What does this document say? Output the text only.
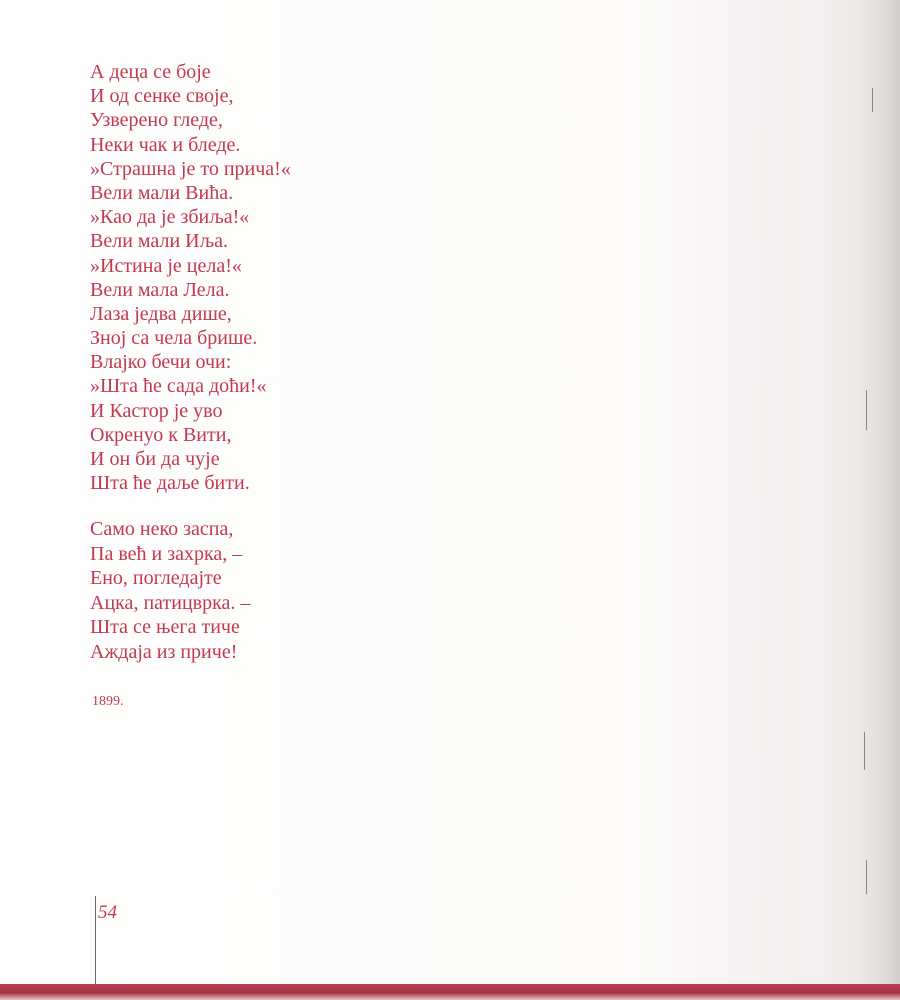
А деца се боје
И од сенке своје,
Узверено гледе,
Неки чак и бледе.
»Страшна је то прича!«
Вели мали Виħа.
»Као да је збиља!«
Вели мали Иља.
»Истина је цела!«
Вели мала Лела.
Лаза једва дише,
Зној са чела брише.
Влајко бечи очи:
»Шта ħе сада доħи!«
И Кастор је уво
Окренуо к Вити,
И он би да чује
Шта ħе даље бити.
Само неко заспа,
Па веħ и захрка, –
Ено, погледајте
Ацка, патицврка. –
Шта се њега тиче
Аждаја из приче!
1899.
54
